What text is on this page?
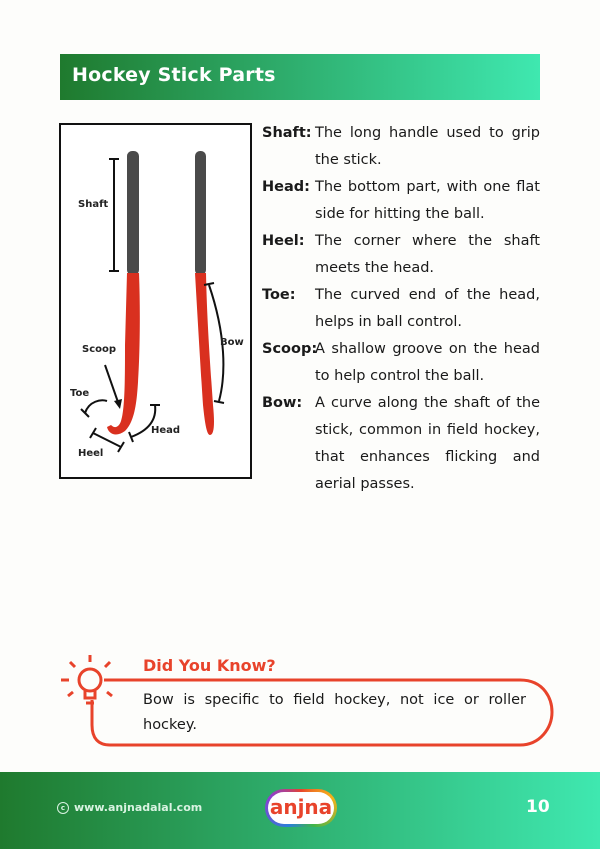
Hockey Stick Parts
Shaft
Scoop
Toe
Heel
Head
Bow
Shaft: The long handle used to grip the stick.
Head: The bottom part, with one flat side for hitting the ball.
Heel: The corner where the shaft meets the head.
Toe: The curved end of the head, helps in ball control.
Scoop:
A shallow groove on the head to help control the ball.
Bow: A curve along the shaft of the stick, common in field hockey, that enhances flicking and aerial passes.
Did You Know?
Bow is specific to field hockey, not ice or roller hockey.
c www.anjnadalal.com	anjna	10
